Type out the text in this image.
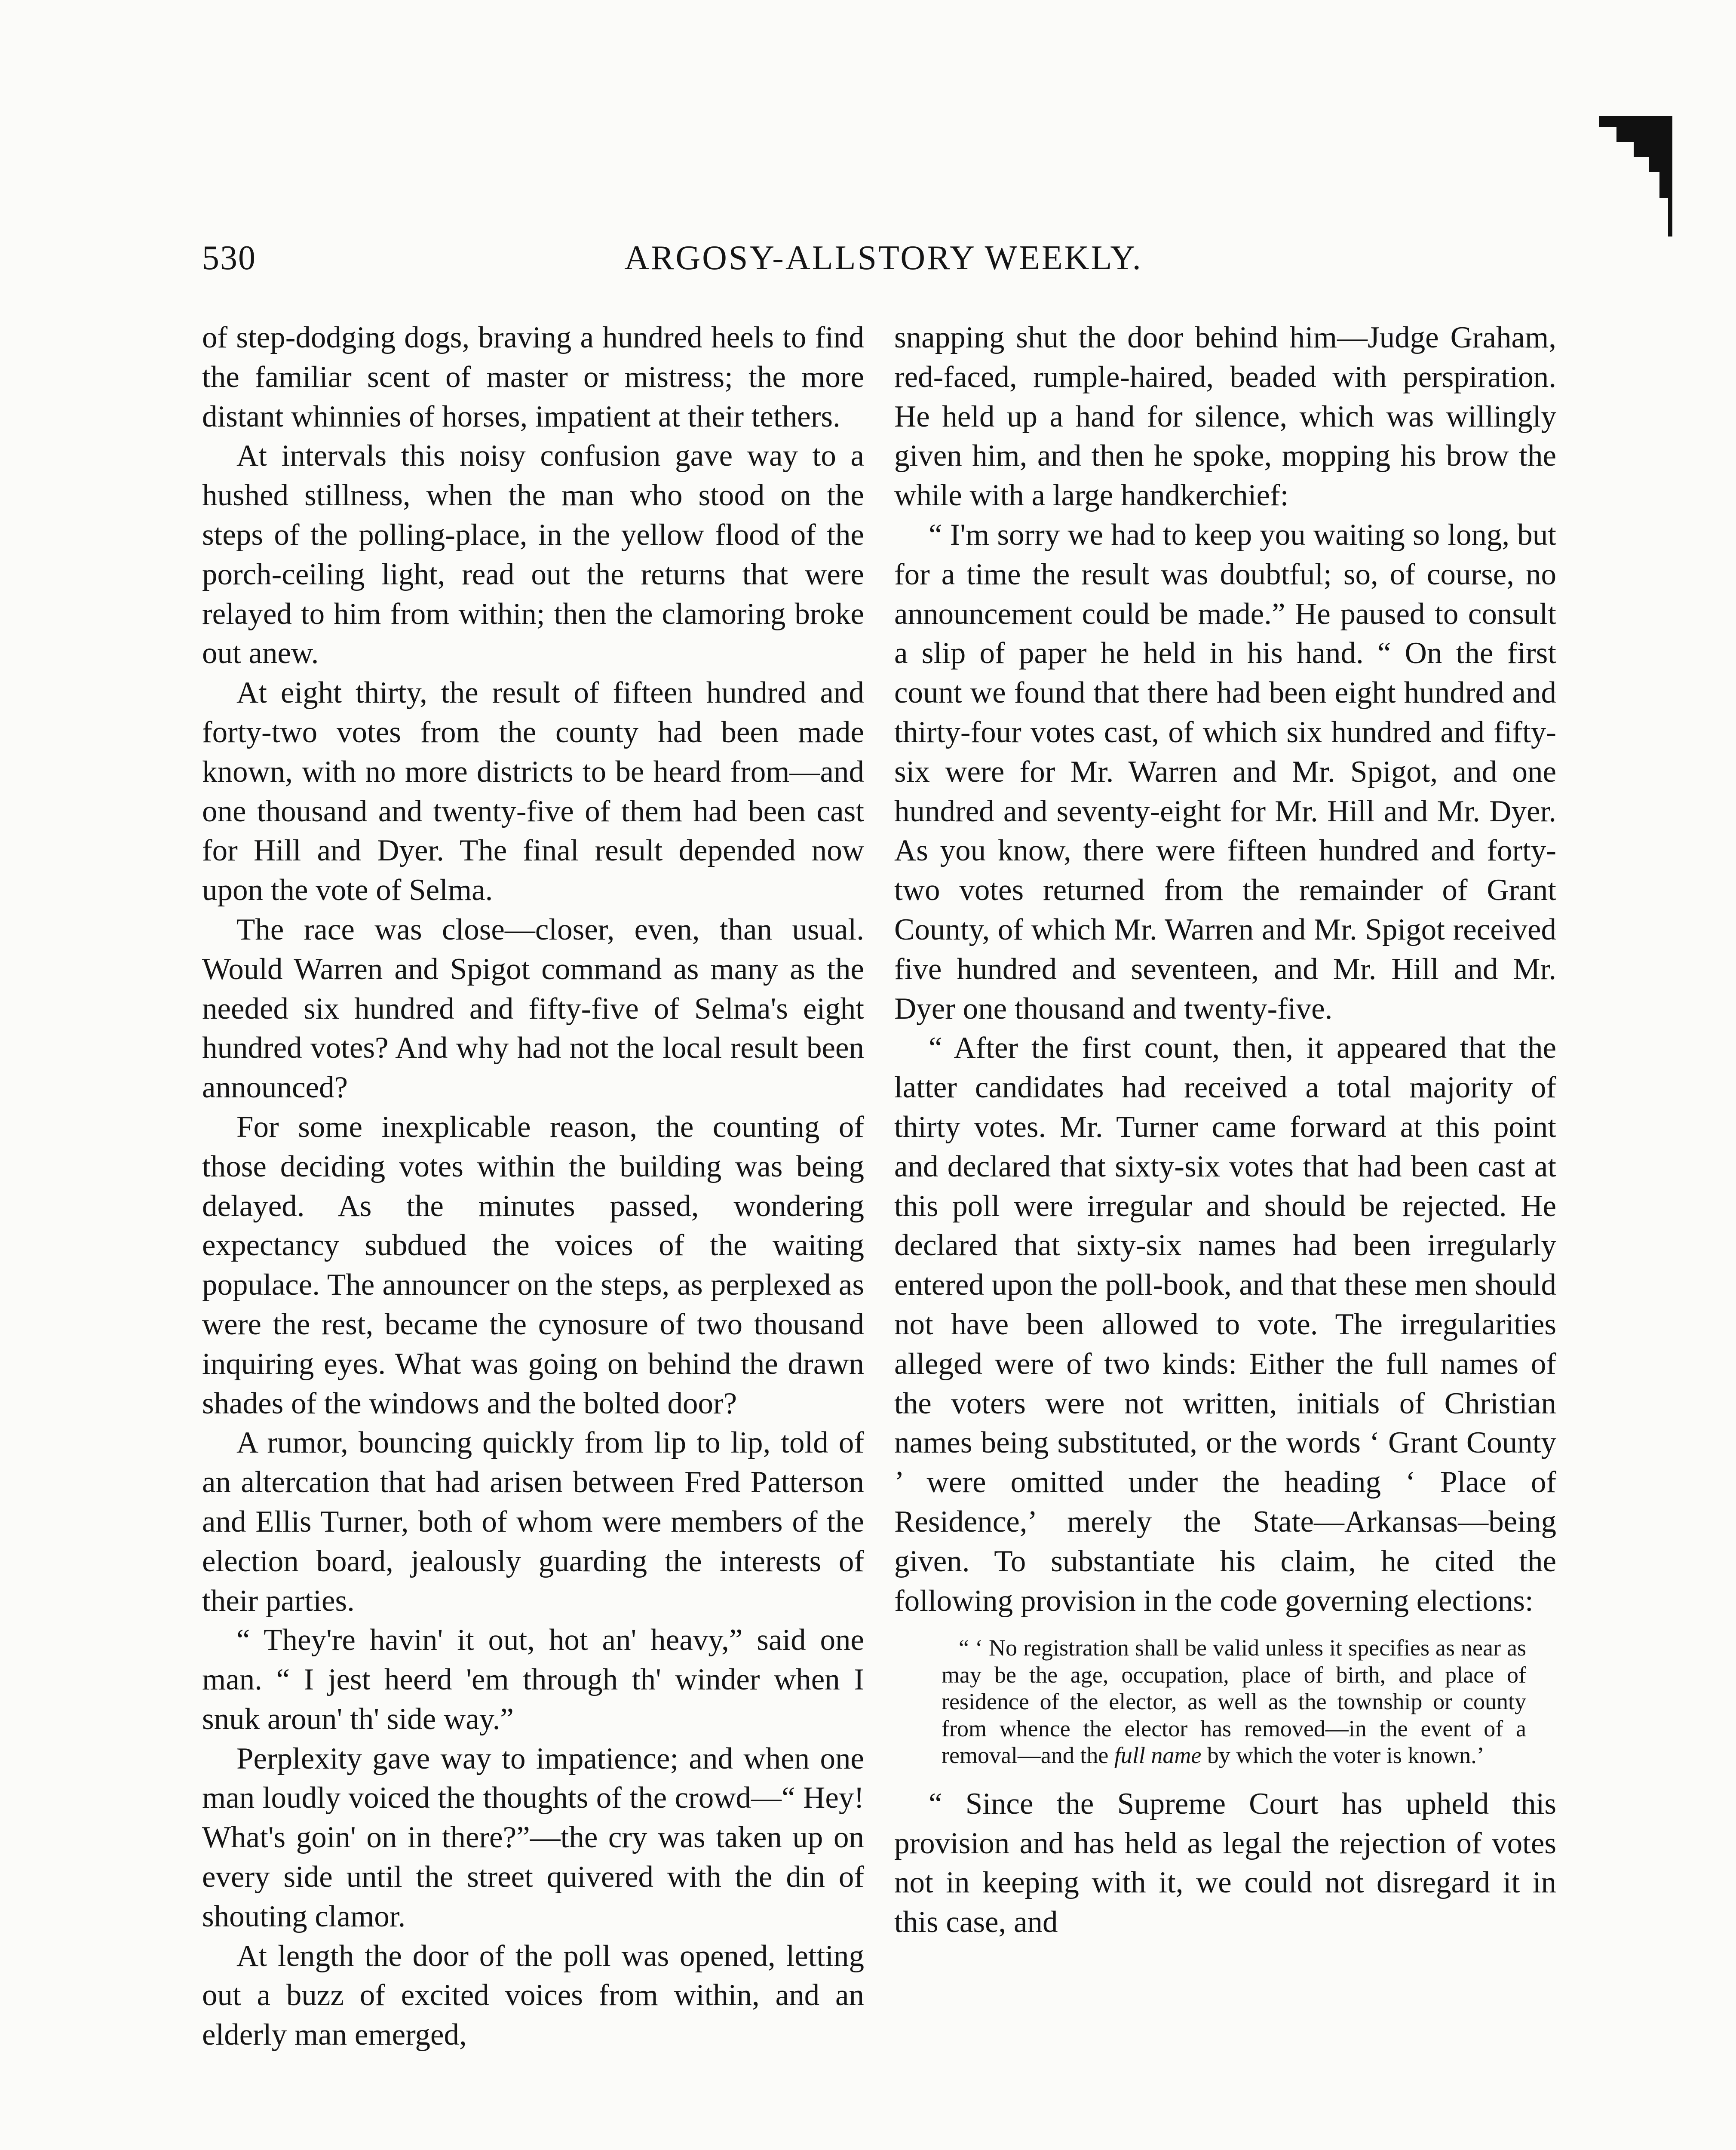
530	ARGOSY-ALLSTORY WEEKLY.

of step-dodging dogs, braving a hundred heels to find the familiar scent of master or mistress; the more distant whinnies of horses, impatient at their tethers.

At intervals this noisy confusion gave way to a hushed stillness, when the man who stood on the steps of the polling-place, in the yellow flood of the porch-ceiling light, read out the returns that were relayed to him from within; then the clamoring broke out anew.

At eight thirty, the result of fifteen hundred and forty-two votes from the county had been made known, with no more districts to be heard from—and one thousand and twenty-five of them had been cast for Hill and Dyer. The final result depended now upon the vote of Selma.

The race was close—closer, even, than usual. Would Warren and Spigot command as many as the needed six hundred and fifty-five of Selma's eight hundred votes? And why had not the local result been announced?

For some inexplicable reason, the counting of those deciding votes within the building was being delayed. As the minutes passed, wondering expectancy subdued the voices of the waiting populace. The announcer on the steps, as perplexed as were the rest, became the cynosure of two thousand inquiring eyes. What was going on behind the drawn shades of the windows and the bolted door?

A rumor, bouncing quickly from lip to lip, told of an altercation that had arisen between Fred Patterson and Ellis Turner, both of whom were members of the election board, jealously guarding the interests of their parties.

“ They're havin' it out, hot an' heavy,” said one man. “ I jest heerd 'em through th' winder when I snuk aroun' th' side way.”

Perplexity gave way to impatience; and when one man loudly voiced the thoughts of the crowd—“ Hey! What's goin' on in there?”—the cry was taken up on every side until the street quivered with the din of shouting clamor.

At length the door of the poll was opened, letting out a buzz of excited voices from within, and an elderly man emerged,

snapping shut the door behind him—Judge Graham, red-faced, rumple-haired, beaded with perspiration. He held up a hand for silence, which was willingly given him, and then he spoke, mopping his brow the while with a large handkerchief:

“ I'm sorry we had to keep you waiting so long, but for a time the result was doubtful; so, of course, no announcement could be made.” He paused to consult a slip of paper he held in his hand. “ On the first count we found that there had been eight hundred and thirty-four votes cast, of which six hundred and fifty-six were for Mr. Warren and Mr. Spigot, and one hundred and seventy-eight for Mr. Hill and Mr. Dyer. As you know, there were fifteen hundred and forty-two votes returned from the remainder of Grant County, of which Mr. Warren and Mr. Spigot received five hundred and seventeen, and Mr. Hill and Mr. Dyer one thousand and twenty-five.

“ After the first count, then, it appeared that the latter candidates had received a total majority of thirty votes. Mr. Turner came forward at this point and declared that sixty-six votes that had been cast at this poll were irregular and should be rejected. He declared that sixty-six names had been irregularly entered upon the poll-book, and that these men should not have been allowed to vote. The irregularities alleged were of two kinds: Either the full names of the voters were not written, initials of Christian names being substituted, or the words ‘ Grant County ’ were omitted under the heading ‘ Place of Residence,’ merely the State—Arkansas—being given. To substantiate his claim, he cited the following provision in the code governing elections:

“ ‘ No registration shall be valid unless it specifies as near as may be the age, occupation, place of birth, and place of residence of the elector, as well as the township or county from whence the elector has removed—in the event of a removal—and the full name by which the voter is known.’

“ Since the Supreme Court has upheld this provision and has held as legal the rejection of votes not in keeping with it, we could not disregard it in this case, and
